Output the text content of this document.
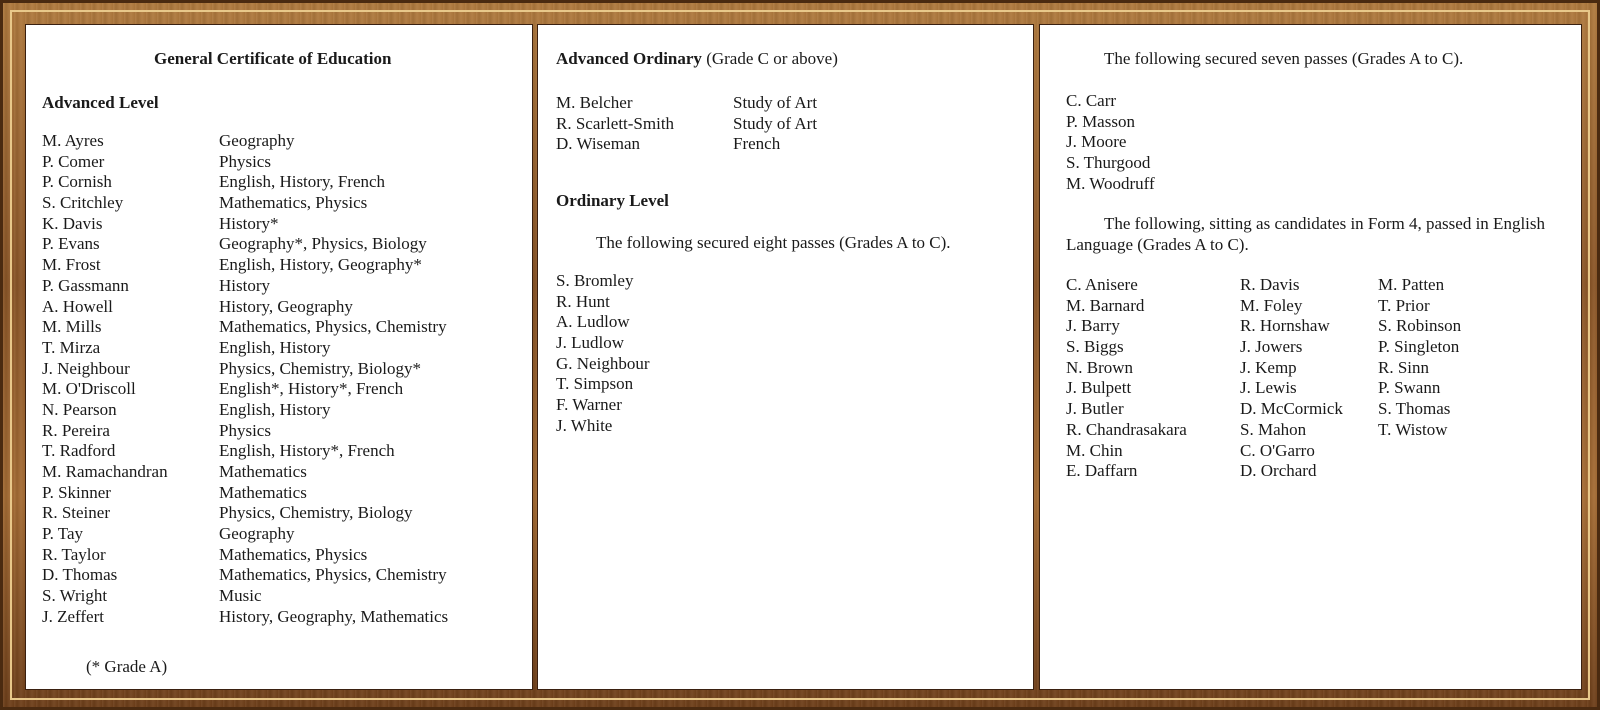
General Certificate of Education
Advanced Level
M. Ayres	Geography
P. Comer	Physics
P. Cornish	English, History, French
S. Critchley	Mathematics, Physics
K. Davis	History*
P. Evans	Geography*, Physics, Biology
M. Frost	English, History, Geography*
P. Gassmann	History
A. Howell	History, Geography
M. Mills	Mathematics, Physics, Chemistry
T. Mirza	English, History
J. Neighbour	Physics, Chemistry, Biology*
M. O'Driscoll	English*, History*, French
N. Pearson	English, History
R. Pereira	Physics
T. Radford	English, History*, French
M. Ramachandran	Mathematics
P. Skinner	Mathematics
R. Steiner	Physics, Chemistry, Biology
P. Tay	Geography
R. Taylor	Mathematics, Physics
D. Thomas	Mathematics, Physics, Chemistry
S. Wright	Music
J. Zeffert	History, Geography, Mathematics
(* Grade A)
Advanced Ordinary (Grade C or above)
M. Belcher	Study of Art
R. Scarlett-Smith	Study of Art
D. Wiseman	French
Ordinary Level
The following secured eight passes (Grades A to C).
S. Bromley
R. Hunt
A. Ludlow
J. Ludlow
G. Neighbour
T. Simpson
F. Warner
J. White
The following secured seven passes (Grades A to C).
C. Carr
P. Masson
J. Moore
S. Thurgood
M. Woodruff
The following, sitting as candidates in Form 4, passed in English Language (Grades A to C).
C. Anisere
M. Barnard
J. Barry
S. Biggs
N. Brown
J. Bulpett
J. Butler
R. Chandrasakara
M. Chin
E. Daffarn
R. Davis
M. Foley
R. Hornshaw
J. Jowers
J. Kemp
J. Lewis
D. McCormick
S. Mahon
C. O'Garro
D. Orchard
M. Patten
T. Prior
S. Robinson
P. Singleton
R. Sinn
P. Swann
S. Thomas
T. Wistow
